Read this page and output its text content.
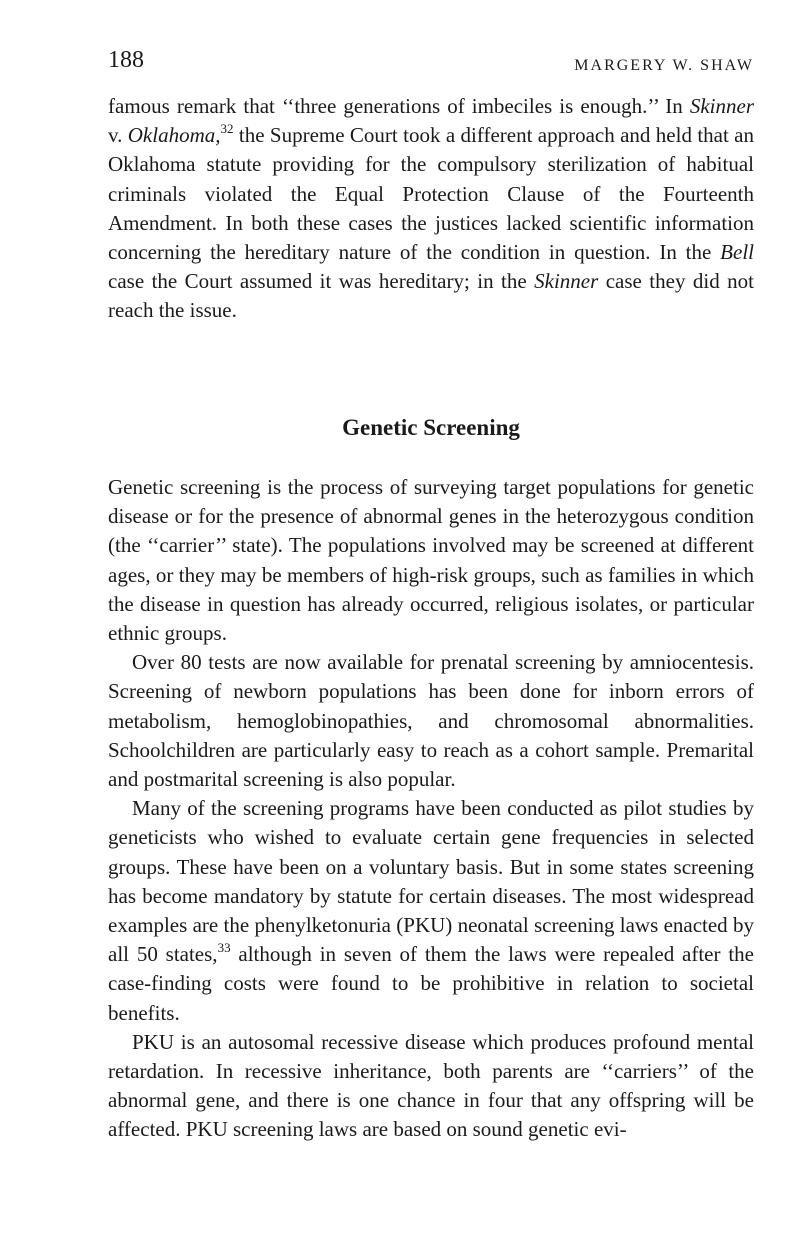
188	MARGERY W. SHAW

famous remark that ‘‘three generations of imbeciles is enough.’’ In Skinner v. Oklahoma,$^{32}$ the Supreme Court took a different approach and held that an Oklahoma statute providing for the compulsory sterilization of habitual criminals violated the Equal Protection Clause of the Fourteenth Amendment. In both these cases the justices lacked scientific information concerning the hereditary nature of the condition in question. In the Bell case the Court assumed it was hereditary; in the Skinner case they did not reach the issue.

Genetic Screening

Genetic screening is the process of surveying target populations for genetic disease or for the presence of abnormal genes in the heterozygous condition (the ‘‘carrier’’ state). The populations involved may be screened at different ages, or they may be members of high-risk groups, such as families in which the disease in question has already occurred, religious isolates, or particular ethnic groups.

Over 80 tests are now available for prenatal screening by amniocentesis. Screening of newborn populations has been done for inborn errors of metabolism, hemoglobinopathies, and chromosomal abnormalities. Schoolchildren are particularly easy to reach as a cohort sample. Premarital and postmarital screening is also popular.

Many of the screening programs have been conducted as pilot studies by geneticists who wished to evaluate certain gene frequencies in selected groups. These have been on a voluntary basis. But in some states screening has become mandatory by statute for certain diseases. The most widespread examples are the phenylketonuria (PKU) neonatal screening laws enacted by all 50 states,$^{33}$ although in seven of them the laws were repealed after the case-finding costs were found to be prohibitive in relation to societal benefits.

PKU is an autosomal recessive disease which produces profound mental retardation. In recessive inheritance, both parents are ‘‘carriers’’ of the abnormal gene, and there is one chance in four that any offspring will be affected. PKU screening laws are based on sound genetic evi-
